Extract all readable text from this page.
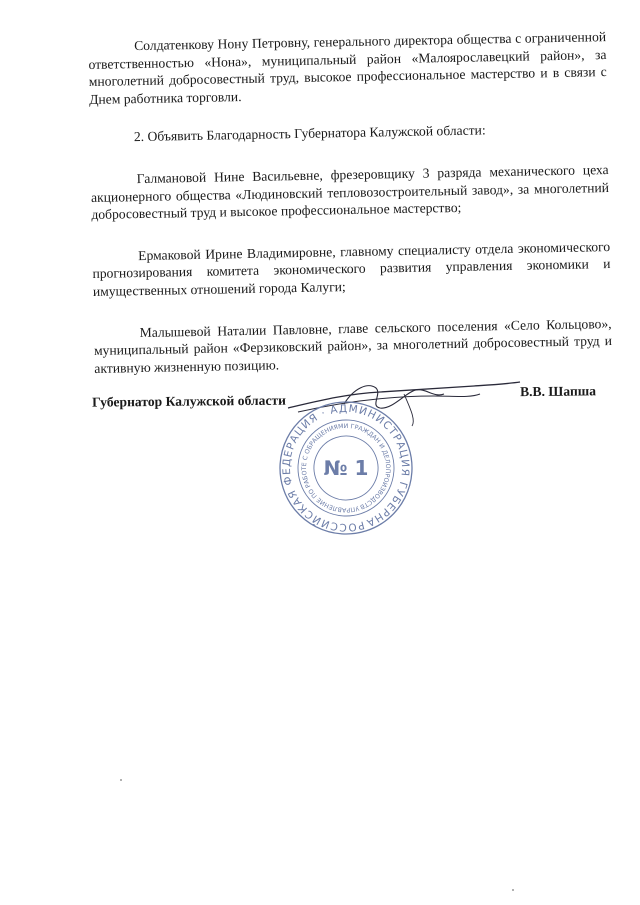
Солдатенкову Нону Петровну, генерального директора общества с ограниченной ответственностью «Нона», муниципальный район «Малоярославецкий район», за многолетний добросовестный труд, высокое профессиональное мастерство и в связи с Днем работника торговли.

2. Объявить Благодарность Губернатора Калужской области:

Галмановой Нине Васильевне, фрезеровщику 3 разряда механического цеха акционерного общества «Людиновский тепловозостроительный завод», за многолетний добросовестный труд и высокое профессиональное мастерство;

Ермаковой Ирине Владимировне, главному специалисту отдела экономического прогнозирования комитета экономического развития управления экономики и имущественных отношений города Калуги;

Малышевой Наталии Павловне, главе сельского поселения «Село Кольцово», муниципальный район «Ферзиковский район», за многолетний добросовестный труд и активную жизненную позицию.

Губернатор Калужской области
В.В. Шапша
РОССИЙСКАЯ ФЕДЕРАЦИЯ · АДМИНИСТРАЦИЯ ГУБЕРНАТОРА
УПРАВЛЕНИЕ ПО РАБОТЕ С ОБРАЩЕНИЯМИ ГРАЖДАН И ДЕЛОПРОИЗВОДСТВУ
№ 1
